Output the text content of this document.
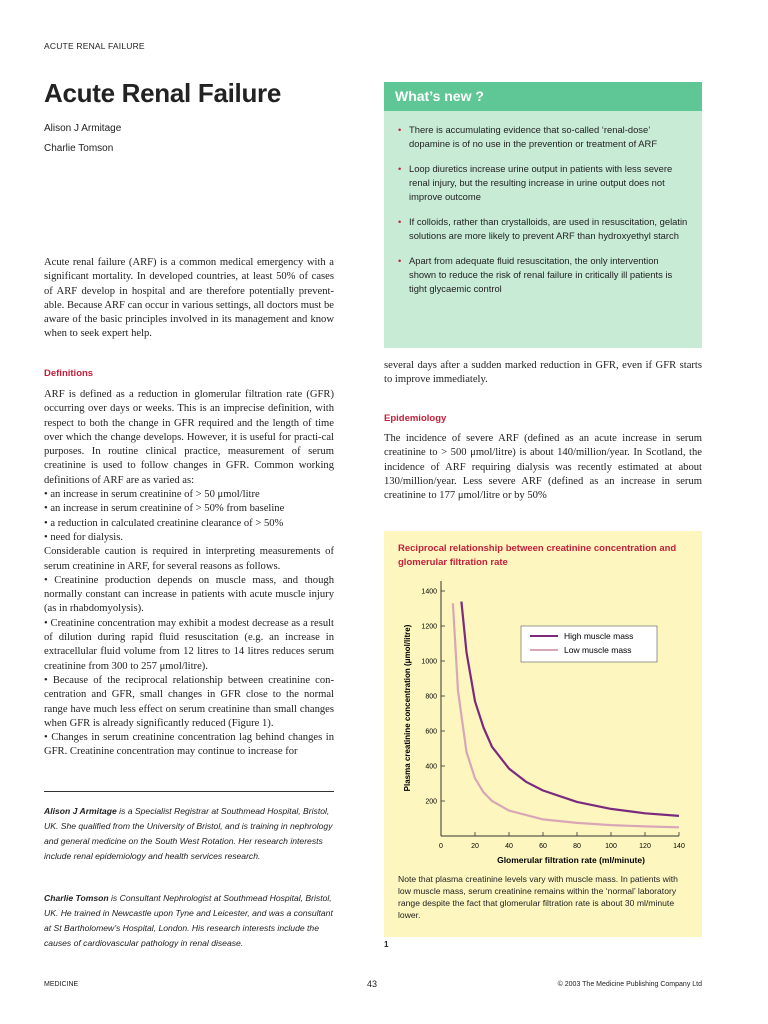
ACUTE RENAL FAILURE
Acute Renal Failure
Alison J Armitage
Charlie Tomson

Acute renal failure (ARF) is a common medical emergency with a significant mortality. In developed countries, at least 50% of cases of ARF develop in hospital and are therefore potentially prevent-able. Because ARF can occur in various settings, all doctors must be aware of the basic principles involved in its management and know when to seek expert help.

Definitions

ARF is defined as a reduction in glomerular filtration rate (GFR) occurring over days or weeks. This is an imprecise definition, with respect to both the change in GFR required and the length of time over which the change develops. However, it is useful for practi-cal purposes. In routine clinical practice, measurement of serum creatinine is used to follow changes in GFR. Common working definitions of ARF are as varied as:

• an increase in serum creatinine of > 50 μmol/litre
• an increase in serum creatinine of > 50% from baseline
• a reduction in calculated creatinine clearance of > 50%
• need for dialysis.

Considerable caution is required in interpreting measurements of serum creatinine in ARF, for several reasons as follows.

• Creatinine production depends on muscle mass, and though normally constant can increase in patients with acute muscle injury (as in rhabdomyolysis).

• Creatinine concentration may exhibit a modest decrease as a result of dilution during rapid fluid resuscitation (e.g. an increase in extracellular fluid volume from 12 litres to 14 litres reduces serum creatinine from 300 to 257 μmol/litre).

• Because of the reciprocal relationship between creatinine con-centration and GFR, small changes in GFR close to the normal range have much less effect on serum creatinine than small changes when GFR is already significantly reduced (Figure 1).

• Changes in serum creatinine concentration lag behind changes in GFR. Creatinine concentration may continue to increase for

Alison J Armitage is a Specialist Registrar at Southmead Hospital, Bristol, UK. She qualified from the University of Bristol, and is training in nephrology and general medicine on the South West Rotation. Her research interests include renal epidemiology and health services research.

Charlie Tomson is Consultant Nephrologist at Southmead Hospital, Bristol, UK. He trained in Newcastle upon Tyne and Leicester, and was a consultant at St Bartholomew’s Hospital, London. His research interests include the causes of cardiovascular pathology in renal disease.

What’s new ?
• There is accumulating evidence that so-called ‘renal-dose’ dopamine is of no use in the prevention or treatment of ARF
• Loop diuretics increase urine output in patients with less severe renal injury, but the resulting increase in urine output does not improve outcome
• If colloids, rather than crystalloids, are used in resuscitation, gelatin solutions are more likely to prevent ARF than hydroxyethyl starch
• Apart from adequate fluid resuscitation, the only intervention shown to reduce the risk of renal failure in critically ill patients is tight glycaemic control

several days after a sudden marked reduction in GFR, even if GFR starts to improve immediately.

Epidemiology

The incidence of severe ARF (defined as an acute increase in serum creatinine to > 500 μmol/litre) is about 140/million/year. In Scotland, the incidence of ARF requiring dialysis was recently estimated at about 130/million/year. Less severe ARF (defined as an increase in serum creatinine to 177 μmol/litre or by 50%

Reciprocal relationship between creatinine concentration and glomerular filtration rate
0	20	40	60	80	100	120	140
200
400
600
800
1000
1200
1400
Glomerular filtration rate (ml/minute)
Plasma creatinine concentration (μmol/litre)	High muscle mass
Low muscle mass
Note that plasma creatinine levels vary with muscle mass. In patients with low muscle mass, serum creatinine remains within the ‘normal’ laboratory range despite the fact that glomerular filtration rate is about 30 ml/minute lower.
1
MEDICINE	43	© 2003 The Medicine Publishing Company Ltd
